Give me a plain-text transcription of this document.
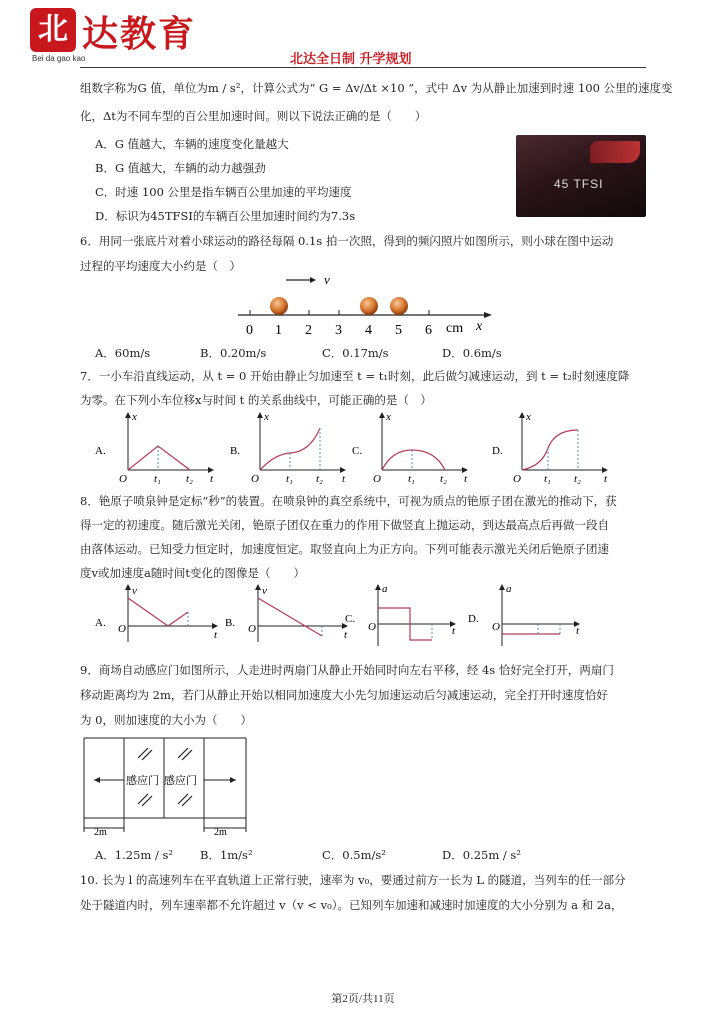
北 达教育
Bei da gao kao	北达全日制 升学规划
组数字称为G 值，单位为m / s²，计算公式为“ G = Δv/Δt ×10 ”，式中 Δv 为从静止加速到时速 100 公里的速度变
化，Δt为不同车型的百公里加速时间。则以下说法正确的是（　　）
A．G 值越大，车辆的速度变化量越大
B．G 值越大，车辆的动力越强劲
C．时速 100 公里是指车辆百公里加速的平均速度
D．标识为45TFSI的车辆百公里加速时间约为7.3s
45 TFSI
6．用同一张底片对着小球运动的路径每隔 0.1s 拍一次照，得到的频闪照片如图所示，则小球在图中运动
过程的平均速度大小约是（　）
v
0 1 2 3 4 5 6 cm x
A．60m/s	B．0.20m/s	C．0.17m/s	D．0.6m/s
7．一小车沿直线运动，从 t = 0 开始由静止匀加速至 t = t₁时刻，此后做匀减速运动，到 t = t₂时刻速度降
为零。在下列小车位移x与时间 t 的关系曲线中，可能正确的是（　）
A.
O
x
t
t₁ t₂
B.
O
x
t
t₁ t₂
C.
O
x
t
t₁ t₂
D.
O
x
t
t₁ t₂
8．铯原子喷泉钟是定标“秒”的装置。在喷泉钟的真空系统中，可视为质点的铯原子团在激光的推动下，获
得一定的初速度。随后激光关闭，铯原子团仅在重力的作用下做竖直上抛运动，到达最高点后再做一段自
由落体运动。已知受力恒定时，加速度恒定。取竖直向上为正方向。下列可能表示激光关闭后铯原子团速
度v或加速度a随时间t变化的图像是（　　）
A.
v
O	t
B.
v
O	t
C.
a
O	t
D.
a
O	t
9．商场自动感应门如图所示，人走进时两扇门从静止开始同时向左右平移，经 4s 恰好完全打开，两扇门
移动距离均为 2m，若门从静止开始以相同加速度大小先匀加速运动后匀减速运动，完全打开时速度恰好
为 0，则加速度的大小为（　　）
感应门 感应门
2m	2m
A．1.25m / s² B．1m/s²	C．0.5m/s²	D．0.25m / s²
10. 长为 l 的高速列车在平直轨道上正常行驶，速率为 v₀，要通过前方一长为 L 的隧道，当列车的任一部分
处于隧道内时，列车速率都不允许超过 v（v < v₀）。已知列车加速和减速时加速度的大小分别为 a 和 2a，
第2页/共11页
